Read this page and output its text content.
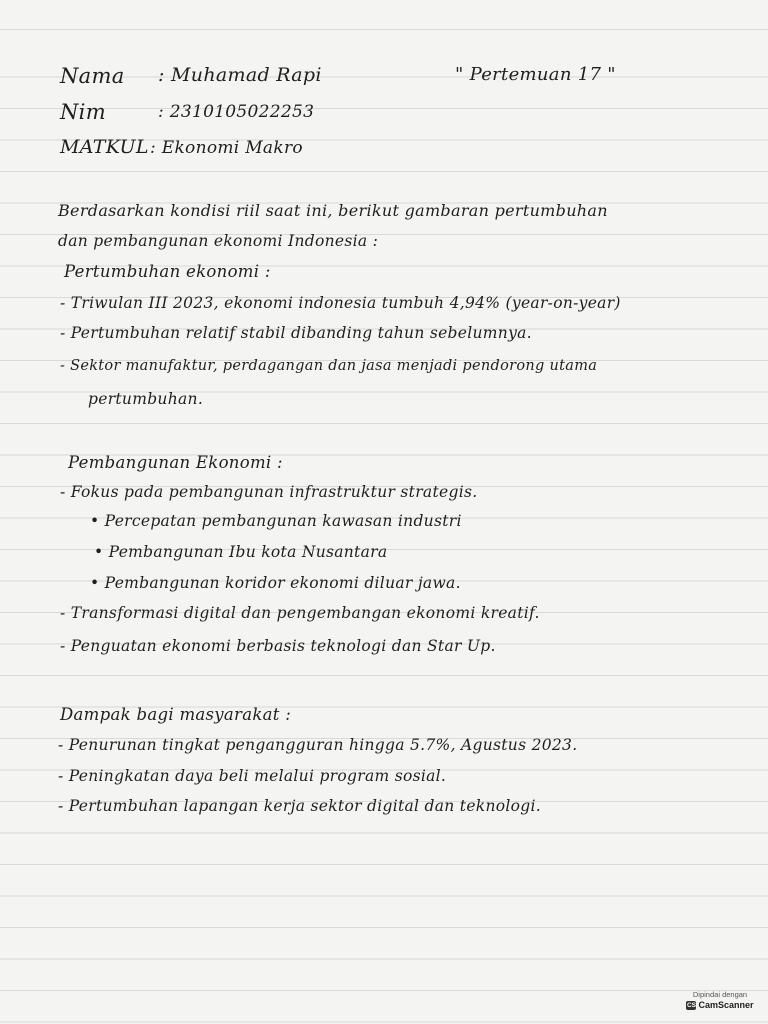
Nama : Muhamad Rapi	" Pertemuan 17 "
Nim	: 2310105022253
MATKUL : Ekonomi Makro
Berdasarkan kondisi riil saat ini, berikut gambaran pertumbuhan
dan pembangunan ekonomi Indonesia :
Pertumbuhan ekonomi :
- Triwulan III 2023, ekonomi indonesia tumbuh 4,94% (year-on-year)
- Pertumbuhan relatif stabil dibanding tahun sebelumnya.
- Sektor manufaktur, perdagangan dan jasa menjadi pendorong utama
pertumbuhan.
Pembangunan Ekonomi :
- Fokus pada pembangunan infrastruktur strategis.
• Percepatan pembangunan kawasan industri
• Pembangunan Ibu kota Nusantara
• Pembangunan koridor ekonomi diluar jawa.
- Transformasi digital dan pengembangan ekonomi kreatif.
- Penguatan ekonomi berbasis teknologi dan Star Up.
Dampak bagi masyarakat :
- Penurunan tingkat pengangguran hingga 5.7%, Agustus 2023.
- Peningkatan daya beli melalui program sosial.
- Pertumbuhan lapangan kerja sektor digital dan teknologi.
Dipindai dengan
CS CamScanner
